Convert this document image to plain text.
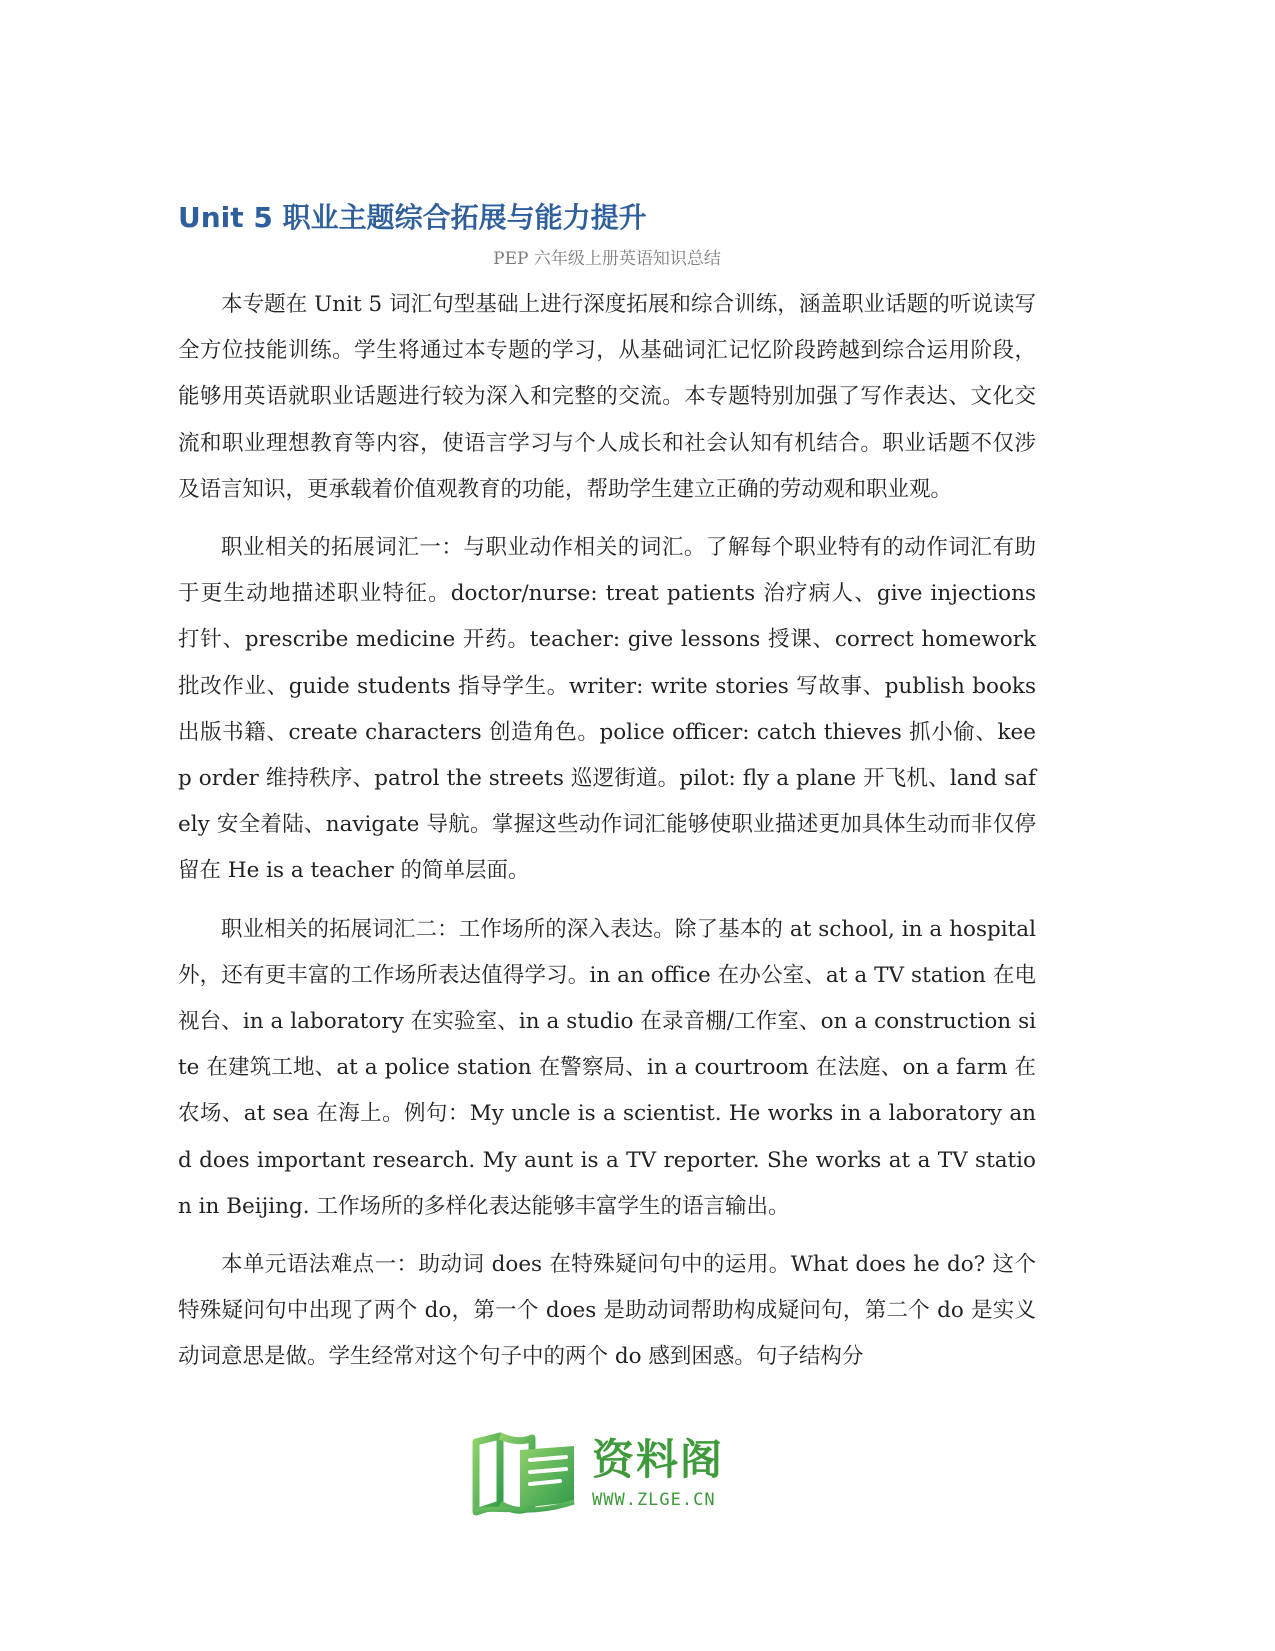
Unit 5 职业主题综合拓展与能力提升
PEP 六年级上册英语知识总结

本专题在 Unit 5 词汇句型基础上进行深度拓展和综合训练，涵盖职业话题的听说读写全方位技能训练。学生将通过本专题的学习，从基础词汇记忆阶段跨越到综合运用阶段，能够用英语就职业话题进行较为深入和完整的交流。本专题特别加强了写作表达、文化交流和职业理想教育等内容，使语言学习与个人成长和社会认知有机结合。职业话题不仅涉及语言知识，更承载着价值观教育的功能，帮助学生建立正确的劳动观和职业观。

职业相关的拓展词汇一：与职业动作相关的词汇。了解每个职业特有的动作词汇有助于更生动地描述职业特征。doctor/nurse: treat patients 治疗病人、give injections 打针、prescribe medicine 开药。teacher: give lessons 授课、correct homework 批改作业、guide students 指导学生。writer: write stories 写故事、publish books 出版书籍、create characters 创造角色。police officer: catch thieves 抓小偷、keep order 维持秩序、patrol the streets 巡逻街道。pilot: fly a plane 开飞机、land safely 安全着陆、navigate 导航。掌握这些动作词汇能够使职业描述更加具体生动而非仅停留在 He is a teacher 的简单层面。

职业相关的拓展词汇二：工作场所的深入表达。除了基本的 at school, in a hospital 外，还有更丰富的工作场所表达值得学习。in an office 在办公室、at a TV station 在电视台、in a laboratory 在实验室、in a studio 在录音棚/工作室、on a construction site 在建筑工地、at a police station 在警察局、in a courtroom 在法庭、on a farm 在农场、at sea 在海上。例句：My uncle is a scientist. He works in a laboratory and does important research. My aunt is a TV reporter. She works at a TV station in Beijing. 工作场所的多样化表达能够丰富学生的语言输出。

本单元语法难点一：助动词 does 在特殊疑问句中的运用。What does he do? 这个特殊疑问句中出现了两个 do，第一个 does 是助动词帮助构成疑问句，第二个 do 是实义动词意思是做。学生经常对这个句子中的两个 do 感到困惑。句子结构分

资料阁
WWW.ZLGE.CN
